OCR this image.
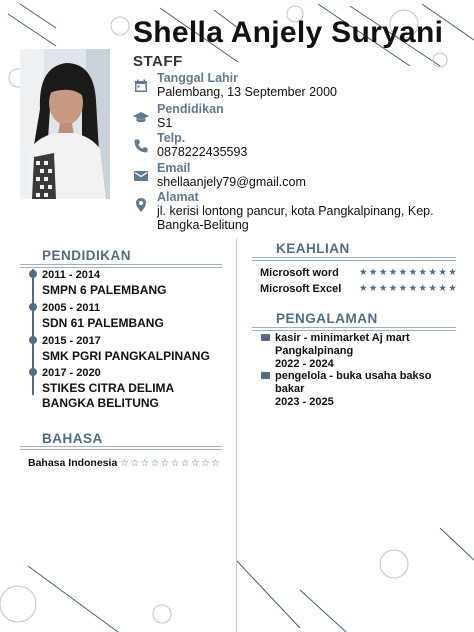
Shella Anjely Suryani
STAFF
Tanggal Lahir
Palembang, 13 September 2000
Pendidikan
S1
Telp.
0878222435593
Email
shellaanjely79@gmail.com
Alamat
jl. kerisi lontong pancur, kota Pangkalpinang, Kep.
Bangka-Belitung
PENDIDIKAN
2011 - 2014
SMPN 6 PALEMBANG
2005 - 2011
SDN 61 PALEMBANG
2015 - 2017
SMK PGRI PANGKALPINANG
2017 - 2020
STIKES CITRA DELIMA
BANGKA BELITUNG
BAHASA
Bahasa Indonesia ☆☆☆☆☆☆☆☆☆☆
KEAHLIAN
Microsoft word ★★★★★★★★★★
Microsoft Excel ★★★★★★★★★★
PENGALAMAN
kasir - minimarket Aj mart
Pangkalpinang
2022 - 2024
pengelola - buka usaha bakso
bakar
2023 - 2025
